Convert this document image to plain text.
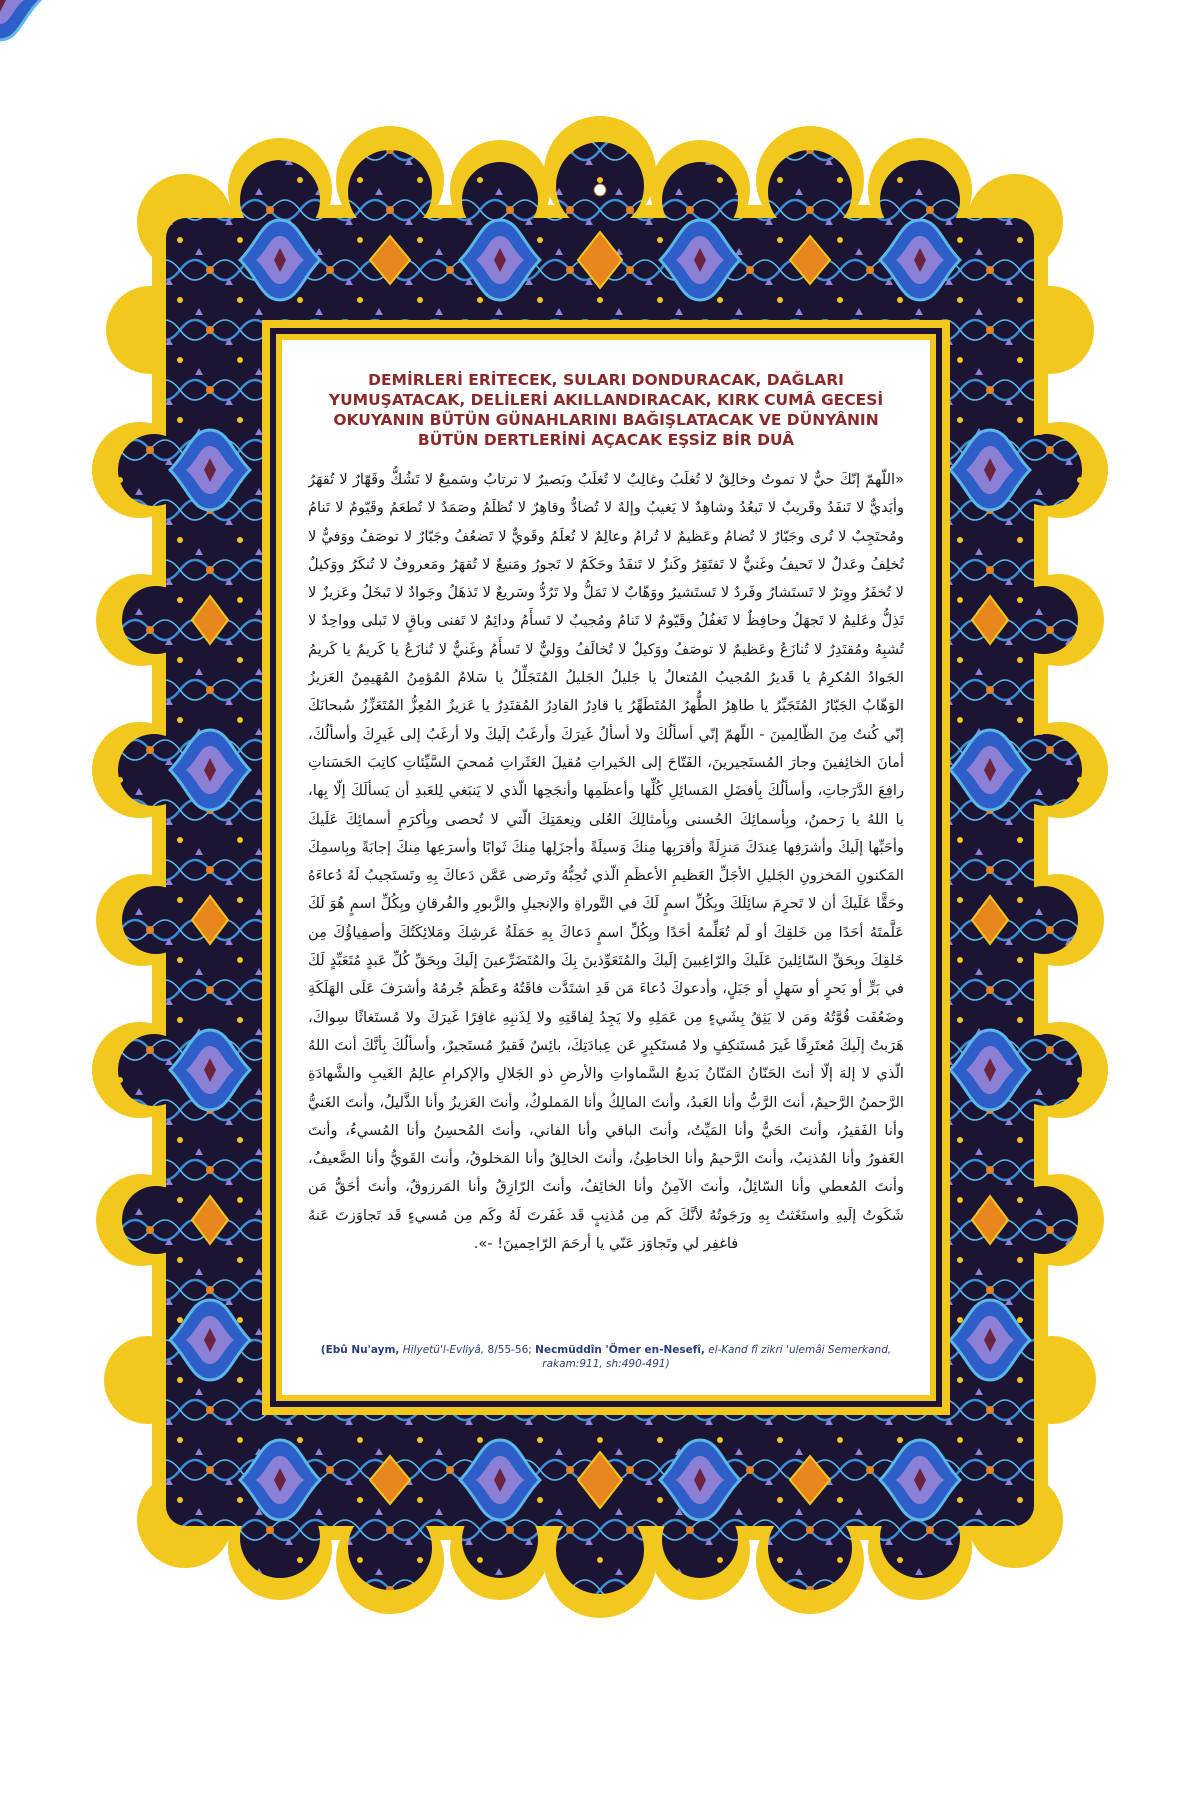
DEMİRLERİ ERİTECEK, SULARI DONDURACAK, DAĞLARI
YUMUŞATACAK, DELİLERİ AKILLANDIRACAK, KIRK CUMÂ GECESİ
OKUYANIN BÜTÜN GÜNAHLARINI BAĞIŞLATACAK VE DÜNYÂNIN
BÜTÜN DERTLERİNİ AÇACAK EŞSİZ BİR DUÂ

«اللّهمّ إنّكَ حيٌّ لا تموتُ وخالِقٌ لا تُغلَبُ وغالِبٌ لا تُغلَبُ وبَصيرٌ لا ترتابُ وسَميعٌ لا تَشُكُّ وقَهّارٌ لا تُقهَرُ وأبَديٌّ لا تَنفَدُ وقَريبٌ لا تَبعُدُ وشاهِدٌ لا يَغيبُ وإلهٌ لا تُضادُّ وقاهِرٌ لا تُظلَمُ وصَمَدٌ لا تُطعَمُ وقَيّومٌ لا تَنامُ ومُحتَجِبٌ لا تُرى وجَبّارٌ لا تُضامُ وعَظيمٌ لا تُرامُ وعالِمٌ لا تُعلَمُ وقَويٌّ لا تَضعُفُ وجَبّارٌ لا توصَفُ ووَفيٌّ لا تُخلِفُ وعَدلٌ لا تَحيفُ وغَنيٌّ لا تَفتَقِرُ وكَنزٌ لا تَنفَدُ وحَكَمٌ لا تَجورُ ومَنيعٌ لا تُقهَرُ ومَعروفٌ لا تُنكَرُ ووَكيلٌ لا تُخفَرُ ووِترٌ لا تَستَشارُ وفَردٌ لا تَستَشيرُ ووَهّابٌ لا تَمَلُّ ولا تَرُدُّ وسَريعٌ لا تَذهَلُ وجَوادٌ لا تَبخَلُ وعَزيزٌ لا تَذِلُّ وعَليمٌ لا تَجهَلُ وحافِظٌ لا تَغفُلُ وقَيّومٌ لا تَنامُ ومُجيبٌ لا تَسأَمُ ودائِمٌ لا تَفنى وباقٍ لا تَبلى وواحِدٌ لا تُشبِهُ ومُقتَدِرٌ لا تُنازَعُ وعَظيمٌ لا توصَفُ ووَكيلٌ لا تُخالَفُ ووَليٌّ لا تَسأَمُ وغَنيٌّ لا تُنازَعُ يا كَريمٌ يا كَريمُ الجَوادُ المُكرِمُ يا قَديرُ المُجيبُ المُتعالُ يا جَليلُ الجَليلُ المُتَجَلِّلُ يا سَلامُ المُؤمِنُ المُهَيمِنُ العَزيزُ الوَهّابُ الجَبّارُ المُتَجَبِّرُ يا طاهِرُ الطُّهرُ المُتَطَهِّرُ يا قادِرُ القادِرُ المُقتَدِرُ يا عَزيزُ المُعِزُّ المُتَعَزِّزُ سُبحانَكَ إنّي كُنتُ مِنَ الظّالِمينَ - اللّهمّ إنّي أسألُكَ ولا أسألُ غَيرَكَ وأرغَبُ إلَيكَ ولا أرغَبُ إلى غَيرِكَ وأسألُكَ، أمانَ الخائِفينَ وجارَ المُستَجيرينَ، الفَتّاحَ إلى الخَيراتِ مُقيلَ العَثَراتِ مُمحيَ السَّيِّئاتِ كاتِبَ الحَسَناتِ رافِعَ الدَّرَجاتِ، وأسألُكَ بِأفضَلِ المَسائِلِ كُلِّها وأعظَمِها وأنجَحِها الّذي لا يَنبَغي لِلعَبدِ أن يَسألَكَ إلّا بِها، يا اللهُ يا رَحمنُ، وبِأسمائِكَ الحُسنى وبِأمثالِكَ العُلى ونِعمَتِكَ الّتي لا تُحصى وبِأكرَمِ أسمائِكَ عَلَيكَ وأحَبِّها إلَيكَ وأشرَفِها عِندَكَ مَنزِلَةً وأقرَبِها مِنكَ وَسيلَةً وأجزَلِها مِنكَ ثَوابًا وأسرَعِها مِنكَ إجابَةً وبِاسمِكَ المَكنونِ المَخزونِ الجَليلِ الأجَلِّ العَظيمِ الأعظَمِ الّذي تُحِبُّهُ وتَرضى عَمَّن دَعاكَ بِهِ وتَستَجيبُ لَهُ دُعاءَهُ وحَقًّا عَلَيكَ أن لا تَحرِمَ سائِلَكَ وبِكُلِّ اسمٍ لَكَ في التَّوراةِ والإنجيلِ والزَّبورِ والفُرقانِ وبِكُلِّ اسمٍ هُوَ لَكَ عَلَّمتَهُ أحَدًا مِن خَلقِكَ أو لَم تُعَلِّمهُ أحَدًا وبِكُلِّ اسمٍ دَعاكَ بِهِ حَمَلَةُ عَرشِكَ ومَلائِكَتُكَ وأصفِياؤُكَ مِن خَلقِكَ وبِحَقِّ السّائِلينَ عَلَيكَ والرّاغِبينَ إلَيكَ والمُتَعَوِّذينَ بِكَ والمُتَضَرِّعينَ إلَيكَ وبِحَقِّ كُلِّ عَبدٍ مُتَعَبِّدٍ لَكَ في بَرٍّ أو بَحرٍ أو سَهلٍ أو جَبَلٍ، وأدعوكَ دُعاءَ مَن قَدِ اشتَدَّت فاقَتُهُ وعَظُمَ جُرمُهُ وأشرَفَ عَلَى الهَلَكَةِ وضَعُفَت قُوَّتُهُ ومَن لا يَثِقُ بِشَيءٍ مِن عَمَلِهِ ولا يَجِدُ لِفاقَتِهِ ولا لِذَنبِهِ غافِرًا غَيرَكَ ولا مُستَغاثًا سِواكَ، هَرَبتُ إلَيكَ مُعتَرِفًا غَيرَ مُستَنكِفٍ ولا مُستَكبِرٍ عَن عِبادَتِكَ، بائِسٌ فَقيرٌ مُستَجيرٌ، وأسألُكَ بِأنَّكَ أنتَ اللهُ الّذي لا إلهَ إلّا أنتَ الحَنّانُ المَنّانُ بَديعُ السَّماواتِ والأرضِ ذو الجَلالِ والإكرامِ عالِمُ الغَيبِ والشَّهادَةِ الرَّحمنُ الرَّحيمُ، أنتَ الرَّبُّ وأنا العَبدُ، وأنتَ المالِكُ وأنا المَملوكُ، وأنتَ العَزيزُ وأنا الذَّليلُ، وأنتَ الغَنيُّ وأنا الفَقيرُ، وأنتَ الحَيُّ وأنا المَيِّتُ، وأنتَ الباقي وأنا الفاني، وأنتَ المُحسِنُ وأنا المُسيءُ، وأنتَ الغَفورُ وأنا المُذنِبُ، وأنتَ الرَّحيمُ وأنا الخاطِئُ، وأنتَ الخالِقُ وأنا المَخلوقُ، وأنتَ القَويُّ وأنا الضَّعيفُ، وأنتَ المُعطي وأنا السّائِلُ، وأنتَ الآمِنُ وأنا الخائِفُ، وأنتَ الرّازِقُ وأنا المَرزوقُ، وأنتَ أحَقُّ مَن شَكَوتُ إلَيهِ واستَغَثتُ بِهِ ورَجَوتُهُ لأنَّكَ كَم مِن مُذنِبٍ قَد غَفَرتَ لَهُ وكَم مِن مُسيءٍ قَد تَجاوَزتَ عَنهُ فاغفِر لي وتَجاوَز عَنّي يا أرحَمَ الرّاحِمينَ! -».

(Ebû Nu'aym, Hilyetü'l-Evliyâ, 8/55-56; Necmüddîn 'Ömer en-Nesefî, el-Kand fî zikri 'ulemâi Semerkand, rakam:911, sh:490-491)
